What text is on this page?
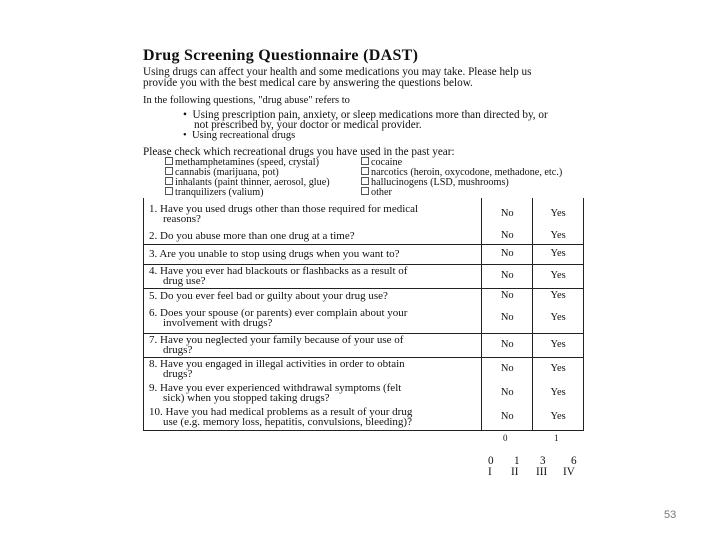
Drug Screening Questionnaire (DAST)
Using drugs can affect your health and some medications you may take. Please help us
provide you with the best medical care by answering the questions below.
In the following questions, "drug abuse" refers to
•  Using prescription pain, anxiety, or sleep medications more than directed by, or
not prescribed by, your doctor or medical provider.
•  Using recreational drugs
Please check which recreational drugs you have used in the past year:
methamphetamines (speed, crystal)	cocaine
cannabis (marijuana, pot)	narcotics (heroin, oxycodone, methadone, etc.)
inhalants (paint thinner, aerosol, glue)	hallucinogens (LSD, mushrooms)
tranquilizers (valium)	other
1. Have you used drugs other than those required for medical
reasons?	No	Yes
2. Do you abuse more than one drug at a time?	No	Yes
3. Are you unable to stop using drugs when you want to?	No	Yes
4. Have you ever had blackouts or flashbacks as a result of
drug use?	No	Yes
5. Do you ever feel bad or guilty about your drug use?	No	Yes
6. Does your spouse (or parents) ever complain about your
involvement with drugs?	No	Yes
7. Have you neglected your family because of your use of
drugs?	No	Yes
8. Have you engaged in illegal activities in order to obtain
drugs?	No	Yes
9. Have you ever experienced withdrawal symptoms (felt
sick) when you stopped taking drugs?	No	Yes
10. Have you had medical problems as a result of your drug
use (e.g. memory loss, hepatitis, convulsions, bleeding)?	No	Yes
0	1
0 1 3 6
I II III IV
53
